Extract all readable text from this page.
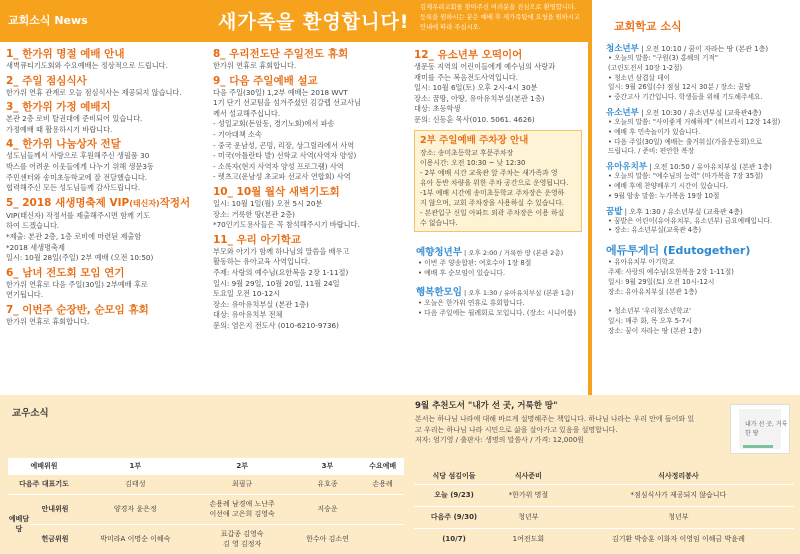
교회소식 News	새가족을 환영합니다!
김제우리교회를 찾아주신 여러분을 진심으로 환영합니다. 등록을 원하시는 분은 예배 후 새가족팀에 요청을 원하시고 안내에 따라 주십시오.
1_ 한가위 명절 예배 안내
새벽큐티기도회와 수요예배는 정상적으로 드립니다.
2_ 주일 점심식사
한가위 연휴 관계로 오늘 점심식사는 제공되지 않습니다.
3_ 한가위 가정 예배지
본관 2층 로비 탈권대에 준비되어 있습니다.
가정예배 때 활용하시기 바랍니다.
4_ 한가위 나눔상자 전달
성도님들께서 사랑으로 후원해주신 생필품 30
박스를 어려운 이웃들에게 나누기 위해 생문3동
주민센터와 송미초등학교에 잘 전달했습니다.
협력해주신 모든 성도님들께 감사드립니다.
5_ 2018 새생명축제 VIP(태신자)작정서
VIP(태신자) 작정서를 제출해주시면 함께 기도
하여 드겠습니다.
*제출: 본관 2층, 1층 로비에 마련된 제출함
*2018 새생명축제
일시: 10월 28일(주일) 2부 예배 (오전 10:50)
6_ 남녀 전도회 모임 연기
한가위 연휴로 다음 주일(30일) 2부예배 후로
연기됩니다.
7_ 이번주 순장반, 순모임 휴회
한가위 연휴로 휴회합니다.
8_ 우리전도단 주일전도 휴회
한가위 연휴로 휴회합니다.
9_ 다음 주일예배 설교
다음 주일(30일) 1,2부 예배는 2018 WVT
1기 단기 선교팀을 섬겨주셨던 김갈렙 선교사님
께서 설교해주십니다.
- 성일교회(돈암동, 경기노회)에서 파송
- 기아대책 소속
- 중국 운남성, 곤밍, 리장, 상그릴라에서 사역
- 미국(아틀란타 발) 선학교 사역(사역자 양성)
- 소록자(현지 사역자 양성 프로그램) 사역
- 렛츠고(운남성 초교파 선교사 연합회) 사역
10_ 10월 월삭 새벽기도회
일시: 10월 1일(월) 오전 5시 20분
장소: 거룩한 땅(본관 2층)
*70인기도용사들은 꼭 참석해주시기 바랍니다.
11_ 우리 아기학교
부모와 아기가 함께 하나님의 말씀을 배우고
활동하는 유아교육 사역입니다.
주제: 사랑의 예수님(요한복음 2장 1-11절)
일시: 9월 29일, 10월 20일, 11월 24일
토요일 오전 10-12시
장소: 유아유치부실 (본관 1층)
대상: 유아유치부 전체
문의: 염은지 전도사 (010-6210-9736)
12_ 유소년부 오떡이어
생문동 지역의 어린이들에게 예수님의 사랑과
재미를 주는 복음전도사역입니다.
일시: 10월 6일(토) 오후 2시-4시 30분
장소: 꿈땅, 아땅, 유아유치부실(본관 1층)
대상: 초등학생
문의: 신동훈 목사(010. 5061. 4626)
2부 주일예배 주차장 안내
장소: 송미초등학교 후문주차장
이용시간: 오전 10:30 ~ 낮 12:30
- 2부 예배 시간 교육관 앞 주차는 새가족과 영
유아 동반 차량을 위한 주차 공간으로 운영됩니다.
-1부 예배 시간에 송미초등학교 주차장은 운영하
지 않으며, 교회 주차장을 사용하실 수 있습니다.
- 본관입구 신일 아파트 외곽 주차장은 이용 하실
수 없습니다.
예향청년부 | 오후 2:00 / 거룩한 땅 (본관 2층)
• 이번 주 양송합판: 여호수아 1장 8절
• 예배 후 순모임이 있습니다.
행복한모임 | 오후 1:30 / 유아유치부실 (본관 1층)
• 오늘은 한가위 연휴로 휴회합니다.
• 다음 주일에는 월례회로 모입니다. (장소: 시니어룸)
교회학교 소식
청소년부 | 오전 10:10 / 꿈이 자라는 땅 (본관 1층)
• 오늘의 말씀: "구원(3) 홍해의 기적"
(고린도전서 10장 1-2절)
• 청소년 삼겹살 데이
일시: 9월 26일(수) 점심 12시 30분 / 장소: 꿈땅
• 중간고사 기간입니다. 학생들을 위해 기도해주세요.
유소년부 | 오전 10:30 / 유소년부실 (교육관4층)
• 오늘의 말씀: "사이좋게 거해하게" (히브리서 12장 14절)
• 예배 후 민속놀이가 있습니다.
• 다음 주일(30일) 예배는 출거워십(가을운동회)으로
드립니다. / 준비: 편안한 복장
유아유치부 | 오전 10:50 / 유아유치부실 (본관 1층)
• 오늘의 말씀: "예수님의 능력" (마가복음 7장 35절)
• 예배 후에 찬양배우기 시간이 있습니다.
• 9월 암송 말씀: 누가복음 19장 10절
꿈밭 | 오후 1:30 / 유소년부실 (교육관 4층)
• 꿈밭은 어린이(유아유치부, 유소년부) 금요예배입니다.
• 장소: 유소년부실(교육관 4층)
에듀투게더 (Edutogether)
• 유아유치부 아기학교
주제: 사랑의 예수님(요한복음 2장 1-11절)
일시: 9월 29일(토) 오전 10시-12시
장소: 유아유치부실 (본관 1층)

• 청소년부 '우리청소년학교'
일시: 매주 화, 목 오후 5-7시
장소: 꿈이 자라는 땅 (본관 1층)
교우소식
9월 추천도서 "내가 선 곳, 거룩한 땅"
본서는 하나님 나라에 대해 바르게 설명해주는 책입니다. 하나님 나라는 우리 안에 들어와 있
고 우리는 하나님 나라 시민으로 삶을 살아가고 있음을 설명합니다.
저자: 엄기영 / 출판사: 생명의 말씀사 / 가격: 12,000원
내가 선 곳, 거룩한 땅
예배위원		1부	2부	3부	수요예배
다음주 대표기도		김태성	최필규	유호종	손용례
예배담당	안내위원	양경자 윤은정	손용례 남경애 노난주
이선애 고은희 김영숙	지승운	
	헌금위원	박미라A 이명순 이혜숙	표갑종 김영숙
김 영 김정자	한수아 김소연	
식당 섬김이들	식사준비	식사정리봉사
오늘 (9/23)	*한가위 명절	*점심식사가 제공되지 않습니다
다음주 (9/30)	청년부	청년부
(10/7)	1여전도회	김기환 박승훈 이화자 이영임 이해금 박윤례
